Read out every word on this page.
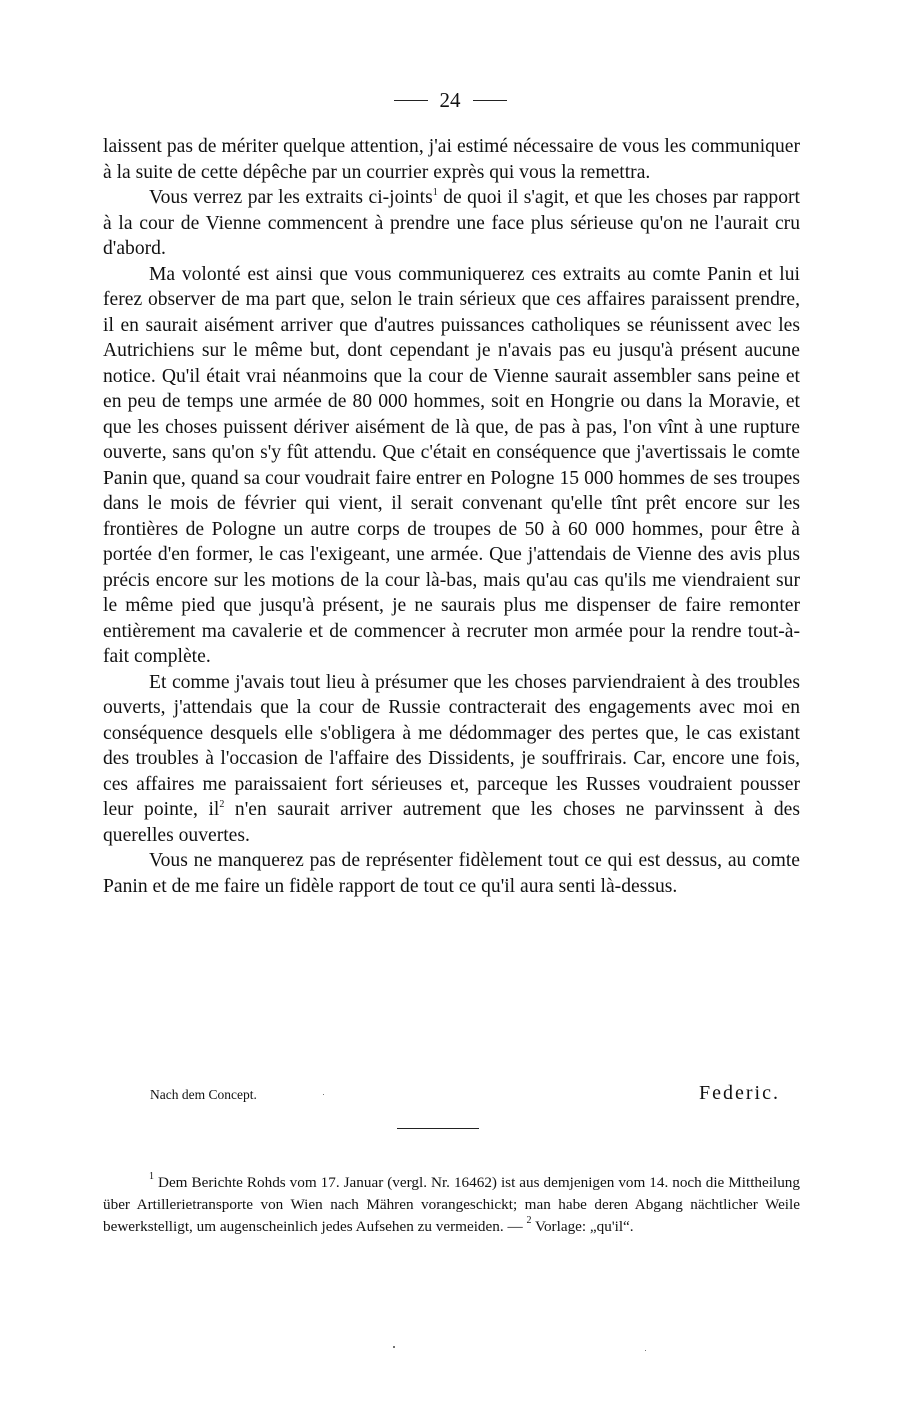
24

laissent pas de mériter quelque attention, j'ai estimé nécessaire de vous les communiquer à la suite de cette dépêche par un courrier exprès qui vous la remettra.

Vous verrez par les extraits ci-joints$^1$ de quoi il s'agit, et que les choses par rapport à la cour de Vienne commencent à prendre une face plus sérieuse qu'on ne l'aurait cru d'abord.

Ma volonté est ainsi que vous communiquerez ces extraits au comte Panin et lui ferez observer de ma part que, selon le train sérieux que ces affaires paraissent prendre, il en saurait aisément arriver que d'autres puissances catholiques se réunissent avec les Autrichiens sur le même but, dont cependant je n'avais pas eu jusqu'à présent aucune notice. Qu'il était vrai néanmoins que la cour de Vienne saurait assembler sans peine et en peu de temps une armée de 80 000 hommes, soit en Hongrie ou dans la Moravie, et que les choses puissent dériver aisément de là que, de pas à pas, l'on vînt à une rupture ouverte, sans qu'on s'y fût attendu. Que c'était en conséquence que j'avertissais le comte Panin que, quand sa cour voudrait faire entrer en Pologne 15 000 hommes de ses troupes dans le mois de février qui vient, il serait convenant qu'elle tînt prêt encore sur les frontières de Pologne un autre corps de troupes de 50 à 60 000 hommes, pour être à portée d'en former, le cas l'exigeant, une armée. Que j'attendais de Vienne des avis plus précis encore sur les motions de la cour là-bas, mais qu'au cas qu'ils me viendraient sur le même pied que jusqu'à présent, je ne saurais plus me dispenser de faire remonter entièrement ma cavalerie et de commencer à recruter mon armée pour la rendre tout-à-fait complète.

Et comme j'avais tout lieu à présumer que les choses parviendraient à des troubles ouverts, j'attendais que la cour de Russie contracterait des engagements avec moi en conséquence desquels elle s'obligera à me dédommager des pertes que, le cas existant des troubles à l'occasion de l'affaire des Dissidents, je souffrirais. Car, encore une fois, ces affaires me paraissaient fort sérieuses et, parceque les Russes voudraient pousser leur pointe, $il^2$ n'en saurait arriver autrement que les choses ne parvinssent à des querelles ouvertes.

Vous ne manquerez pas de représenter fidèlement tout ce qui est dessus, au comte Panin et de me faire un fidèle rapport de tout ce qu'il aura senti là-dessus.

Nach dem Concept.	Federic.

$^1$ Dem Berichte Rohds vom 17. Januar (vergl. Nr. 16462) ist aus demjenigen vom 14. noch die Mittheilung über Artillerietransporte von Wien nach Mähren vorangeschickt; man habe deren Abgang nächtlicher Weile bewerkstelligt, um augenscheinlich jedes Aufsehen zu vermeiden. — $^2$ Vorlage: „qu'il“.
